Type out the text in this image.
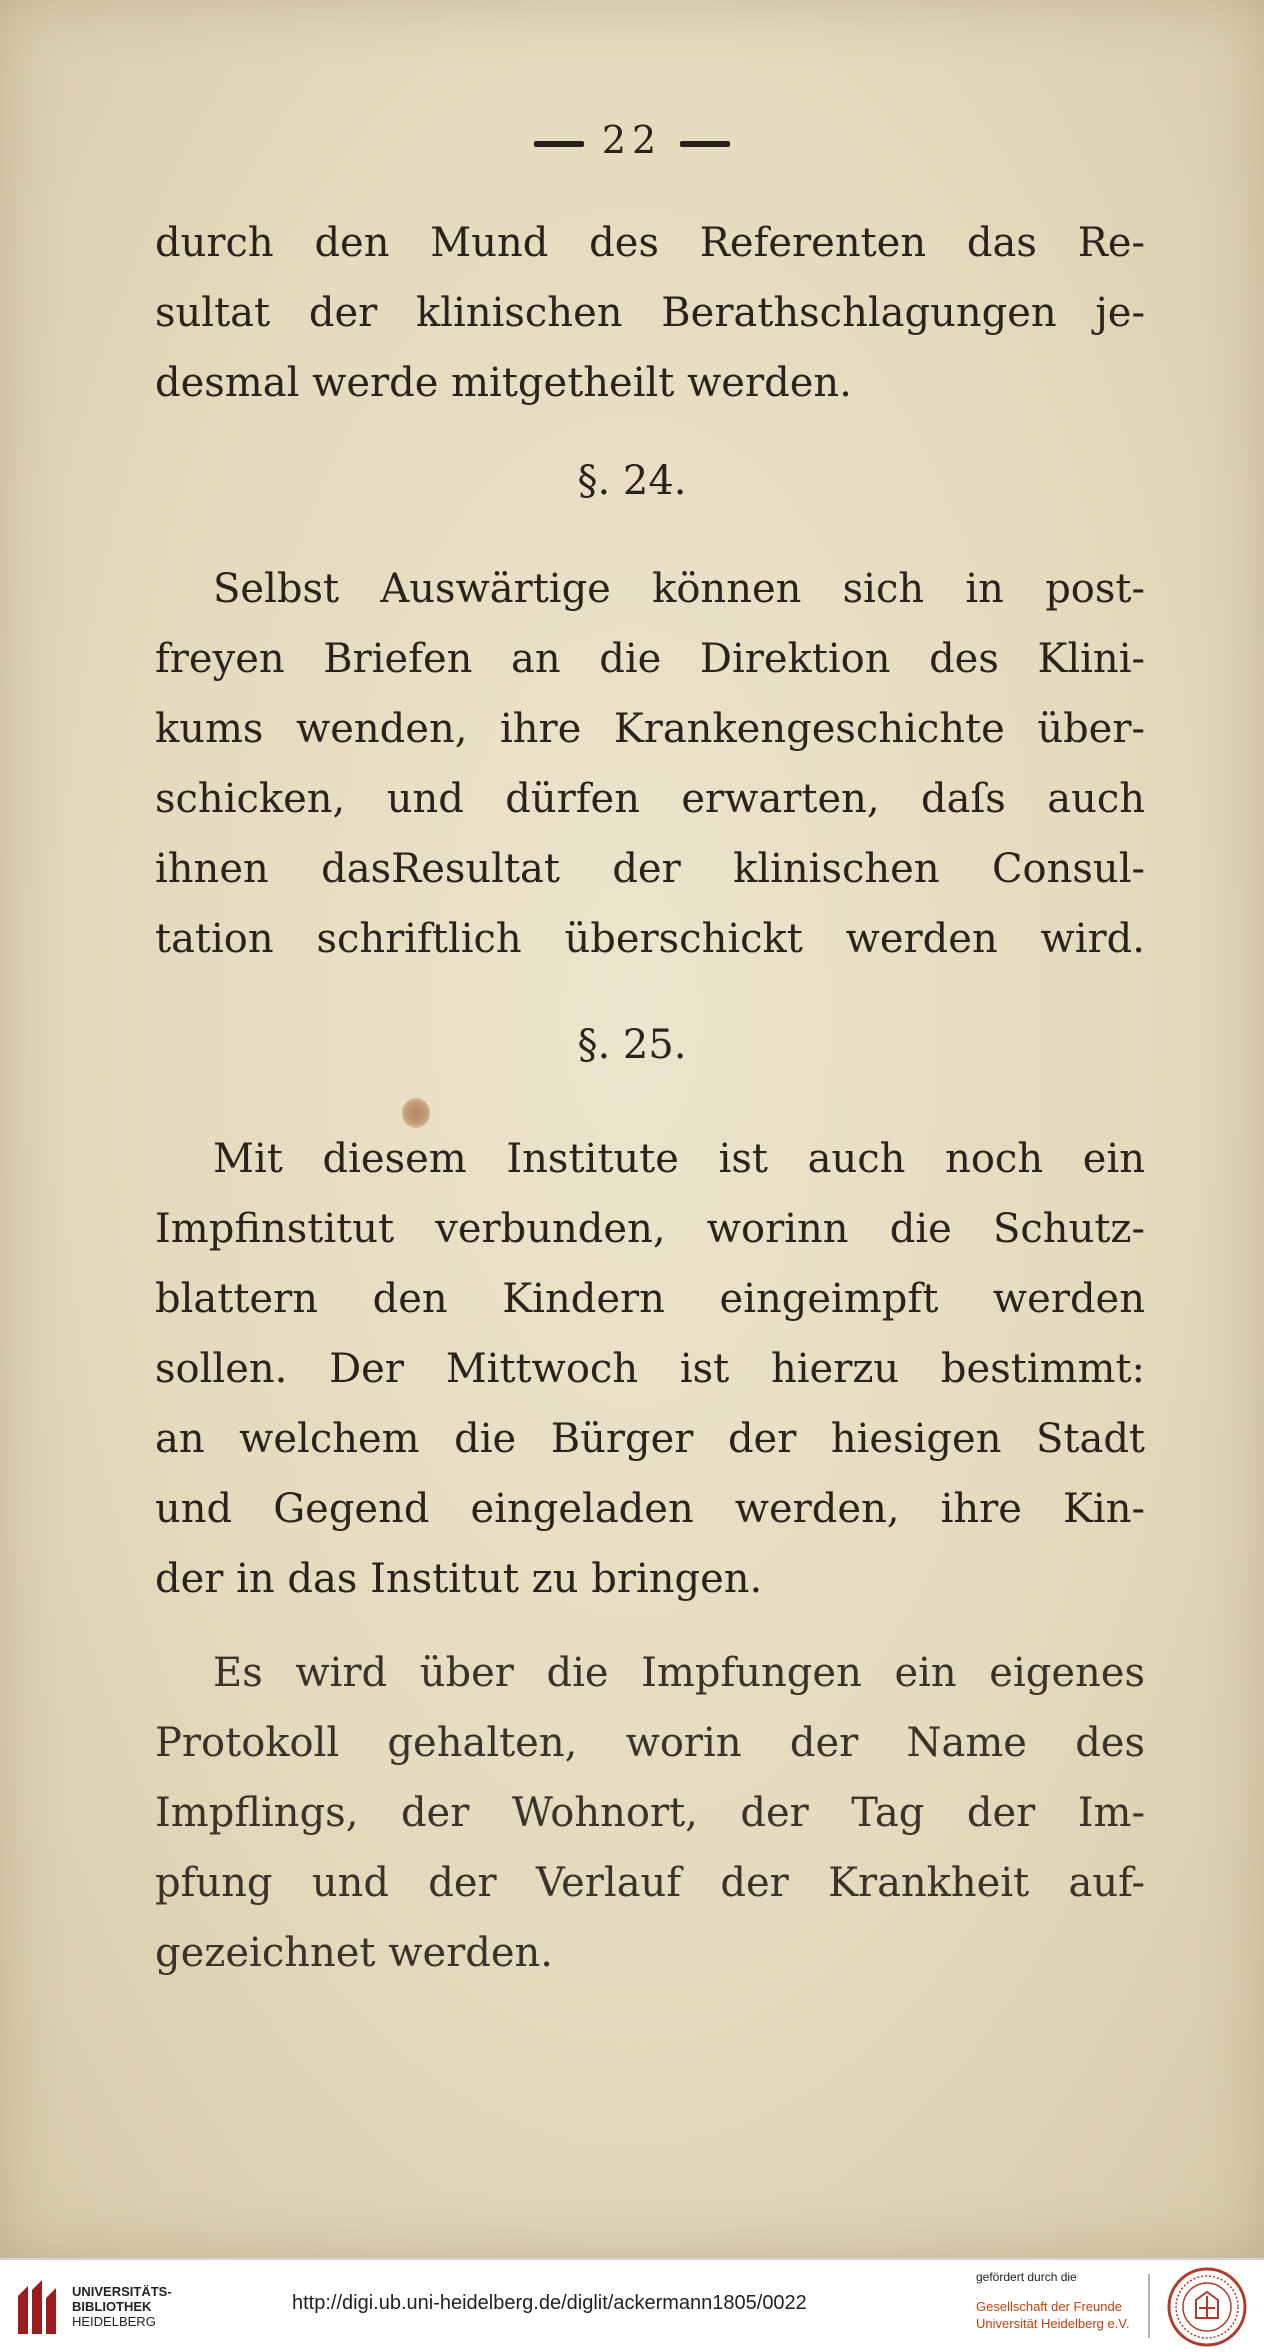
22
durch den Mund des Referenten das Re-
sultat der klinischen Berathschlagungen je-
desmal werde mitgetheilt werden.
§. 24.
Selbst Auswärtige können sich in post-
freyen Briefen an die Direktion des Klini-
kums wenden, ihre Krankengeschichte über-
schicken, und dürfen erwarten, daſs auch
ihnen dasResultat der klinischen Consul-
tation schriftlich überschickt werden wird.
§. 25.
Mit diesem Institute ist auch noch ein
Impfinstitut verbunden, worinn die Schutz-
blattern den Kindern eingeimpft werden
sollen. Der Mittwoch ist hierzu bestimmt:
an welchem die Bürger der hiesigen Stadt
und Gegend eingeladen werden, ihre Kin-
der in das Institut zu bringen.
Es wird über die Impfungen ein eigenes
Protokoll gehalten, worin der Name des
Impflings, der Wohnort, der Tag der Im-
pfung und der Verlauf der Krankheit auf-
gezeichnet werden.
UNIVERSITÄTS-
BIBLIOTHEK
HEIDELBERG
http://digi.ub.uni-heidelberg.de/diglit/ackermann1805/0022
gefördert durch die
Gesellschaft der Freunde
Universität Heidelberg e.V.
